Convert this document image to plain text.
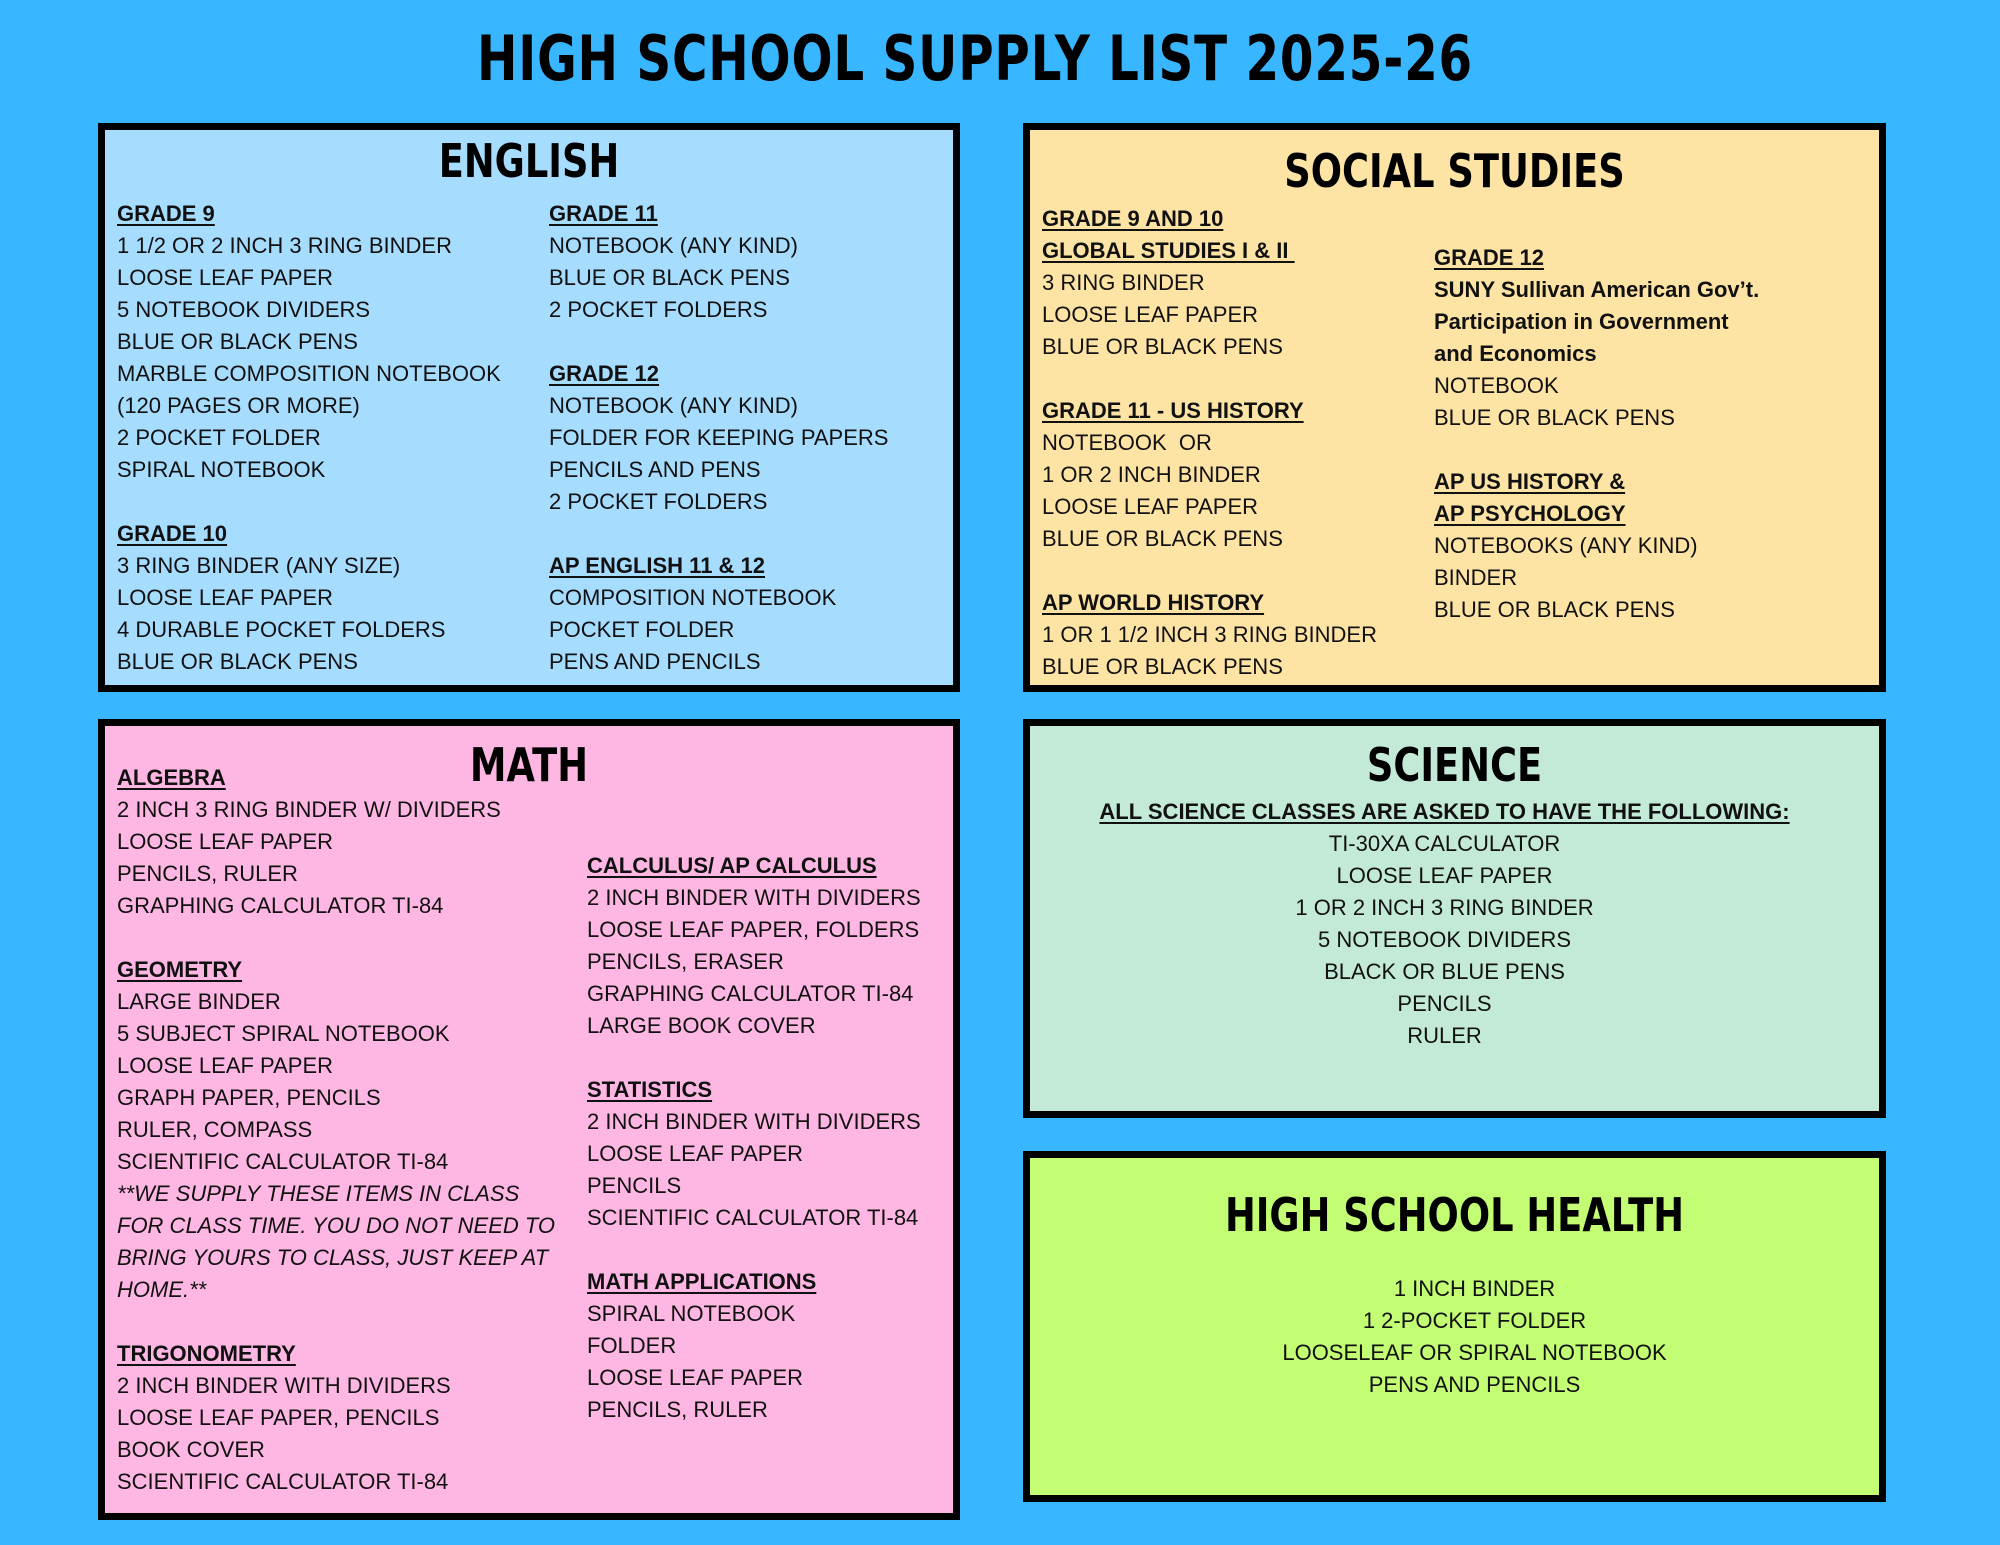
HIGH SCHOOL SUPPLY LIST 2025-26
ENGLISH
GRADE 9
1 1/2 OR 2 INCH 3 RING BINDER
LOOSE LEAF PAPER
5 NOTEBOOK DIVIDERS
BLUE OR BLACK PENS
MARBLE COMPOSITION NOTEBOOK
(120 PAGES OR MORE)
2 POCKET FOLDER
SPIRAL NOTEBOOK
GRADE 10
3 RING BINDER (ANY SIZE)
LOOSE LEAF PAPER
4 DURABLE POCKET FOLDERS
BLUE OR BLACK PENS
GRADE 11
NOTEBOOK (ANY KIND)
BLUE OR BLACK PENS
2 POCKET FOLDERS
GRADE 12
NOTEBOOK (ANY KIND)
FOLDER FOR KEEPING PAPERS
PENCILS AND PENS
2 POCKET FOLDERS
AP ENGLISH 11 & 12
COMPOSITION NOTEBOOK
POCKET FOLDER
PENS AND PENCILS
SOCIAL STUDIES
GRADE 9 AND 10
GLOBAL STUDIES I & II
3 RING BINDER
LOOSE LEAF PAPER
BLUE OR BLACK PENS
GRADE 11 - US HISTORY
NOTEBOOK  OR
1 OR 2 INCH BINDER
LOOSE LEAF PAPER
BLUE OR BLACK PENS
AP WORLD HISTORY
1 OR 1 1/2 INCH 3 RING BINDER
BLUE OR BLACK PENS
GRADE 12
SUNY Sullivan American Gov’t.
Participation in Government
and Economics
NOTEBOOK
BLUE OR BLACK PENS
AP US HISTORY &
AP PSYCHOLOGY
NOTEBOOKS (ANY KIND)
BINDER
BLUE OR BLACK PENS
MATH
ALGEBRA
2 INCH 3 RING BINDER W/ DIVIDERS
LOOSE LEAF PAPER
PENCILS, RULER
GRAPHING CALCULATOR TI-84
GEOMETRY
LARGE BINDER
5 SUBJECT SPIRAL NOTEBOOK
LOOSE LEAF PAPER
GRAPH PAPER, PENCILS
RULER, COMPASS
SCIENTIFIC CALCULATOR TI-84
**WE SUPPLY THESE ITEMS IN CLASS
FOR CLASS TIME. YOU DO NOT NEED TO
BRING YOURS TO CLASS, JUST KEEP AT
HOME.**
TRIGONOMETRY
2 INCH BINDER WITH DIVIDERS
LOOSE LEAF PAPER, PENCILS
BOOK COVER
SCIENTIFIC CALCULATOR TI-84
CALCULUS/ AP CALCULUS
2 INCH BINDER WITH DIVIDERS
LOOSE LEAF PAPER, FOLDERS
PENCILS, ERASER
GRAPHING CALCULATOR TI-84
LARGE BOOK COVER
STATISTICS
2 INCH BINDER WITH DIVIDERS
LOOSE LEAF PAPER
PENCILS
SCIENTIFIC CALCULATOR TI-84
MATH APPLICATIONS
SPIRAL NOTEBOOK
FOLDER
LOOSE LEAF PAPER
PENCILS, RULER
SCIENCE
ALL SCIENCE CLASSES ARE ASKED TO HAVE THE FOLLOWING:
TI-30XA CALCULATOR
LOOSE LEAF PAPER
1 OR 2 INCH 3 RING BINDER
5 NOTEBOOK DIVIDERS
BLACK OR BLUE PENS
PENCILS
RULER
HIGH SCHOOL HEALTH
1 INCH BINDER
1 2-POCKET FOLDER
LOOSELEAF OR SPIRAL NOTEBOOK
PENS AND PENCILS
